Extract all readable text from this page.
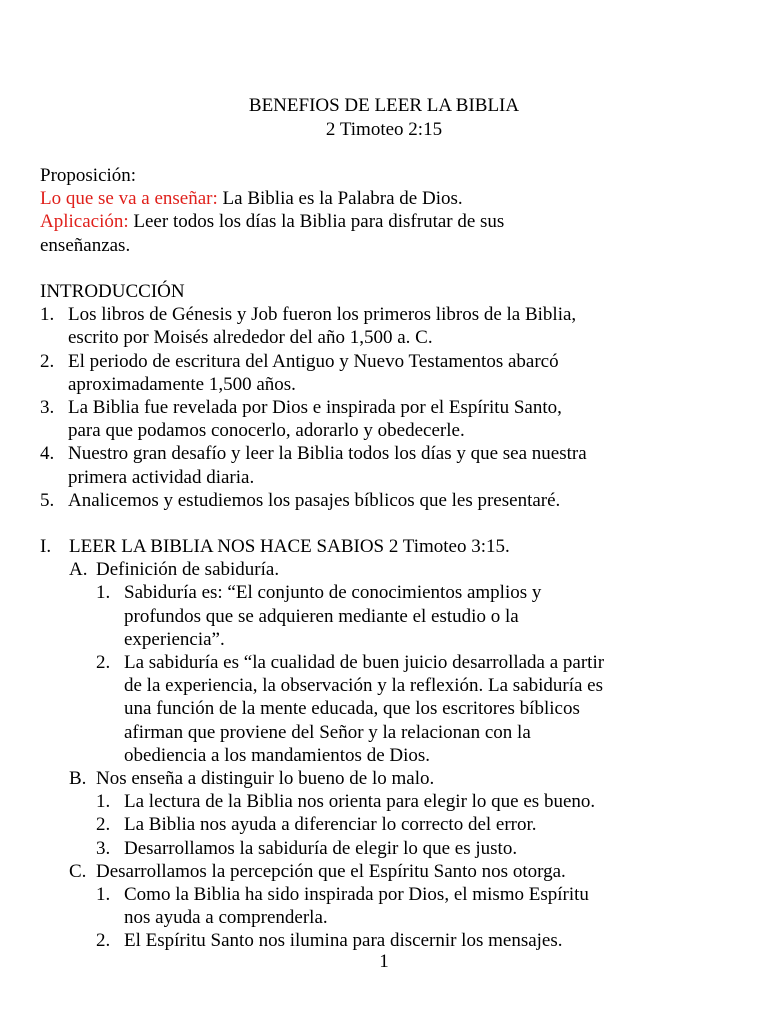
BENEFIOS DE LEER LA BIBLIA
2 Timoteo 2:15
Proposición:
Lo que se va a enseñar: La Biblia es la Palabra de Dios.
Aplicación: Leer todos los días la Biblia para disfrutar de sus
enseñanzas.
INTRODUCCIÓN
1. Los libros de Génesis y Job fueron los primeros libros de la Biblia,
escrito por Moisés alrededor del año 1,500 a. C.
2. El periodo de escritura del Antiguo y Nuevo Testamentos abarcó
aproximadamente 1,500 años.
3. La Biblia fue revelada por Dios e inspirada por el Espíritu Santo,
para que podamos conocerlo, adorarlo y obedecerle.
4. Nuestro gran desafío y leer la Biblia todos los días y que sea nuestra
primera actividad diaria.
5. Analicemos y estudiemos los pasajes bíblicos que les presentaré.
I. LEER LA BIBLIA NOS HACE SABIOS 2 Timoteo 3:15.
A. Definición de sabiduría.
1. Sabiduría es: “El conjunto de conocimientos amplios y
profundos que se adquieren mediante el estudio o la
experiencia”.
2. La sabiduría es “la cualidad de buen juicio desarrollada a partir
de la experiencia, la observación y la reflexión. La sabiduría es
una función de la mente educada, que los escritores bíblicos
afirman que proviene del Señor y la relacionan con la
obediencia a los mandamientos de Dios.
B. Nos enseña a distinguir lo bueno de lo malo.
1. La lectura de la Biblia nos orienta para elegir lo que es bueno.
2. La Biblia nos ayuda a diferenciar lo correcto del error.
3. Desarrollamos la sabiduría de elegir lo que es justo.
C. Desarrollamos la percepción que el Espíritu Santo nos otorga.
1. Como la Biblia ha sido inspirada por Dios, el mismo Espíritu
nos ayuda a comprenderla.
2. El Espíritu Santo nos ilumina para discernir los mensajes.
1
